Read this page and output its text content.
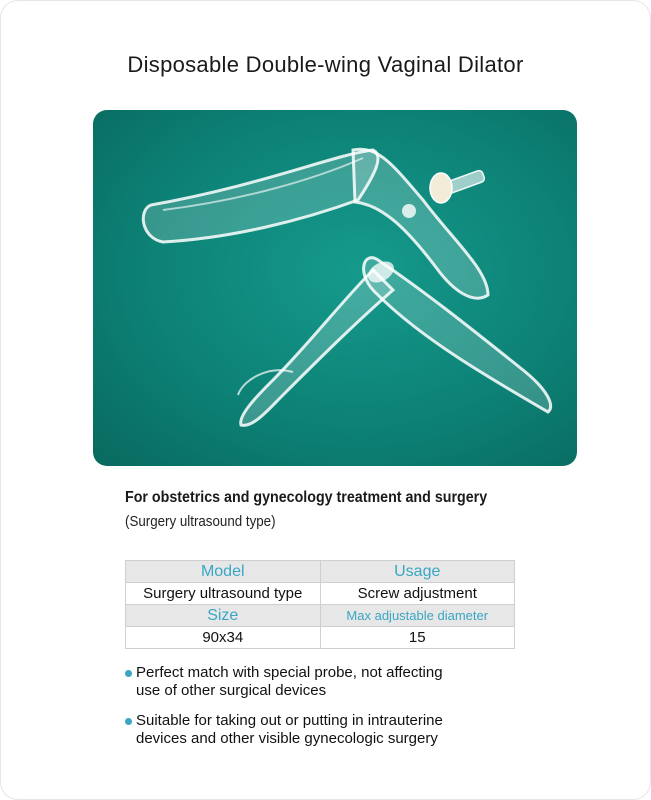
Disposable Double-wing Vaginal Dilator
For obstetrics and gynecology treatment and surgery
(Surgery ultrasound type)
Model	Usage
Surgery ultrasound type	Screw adjustment
Size	Max adjustable diameter
90x34	15
Perfect match with special probe, not affecting
use of other surgical devices
Suitable for taking out or putting in intrauterine
devices and other visible gynecologic surgery
